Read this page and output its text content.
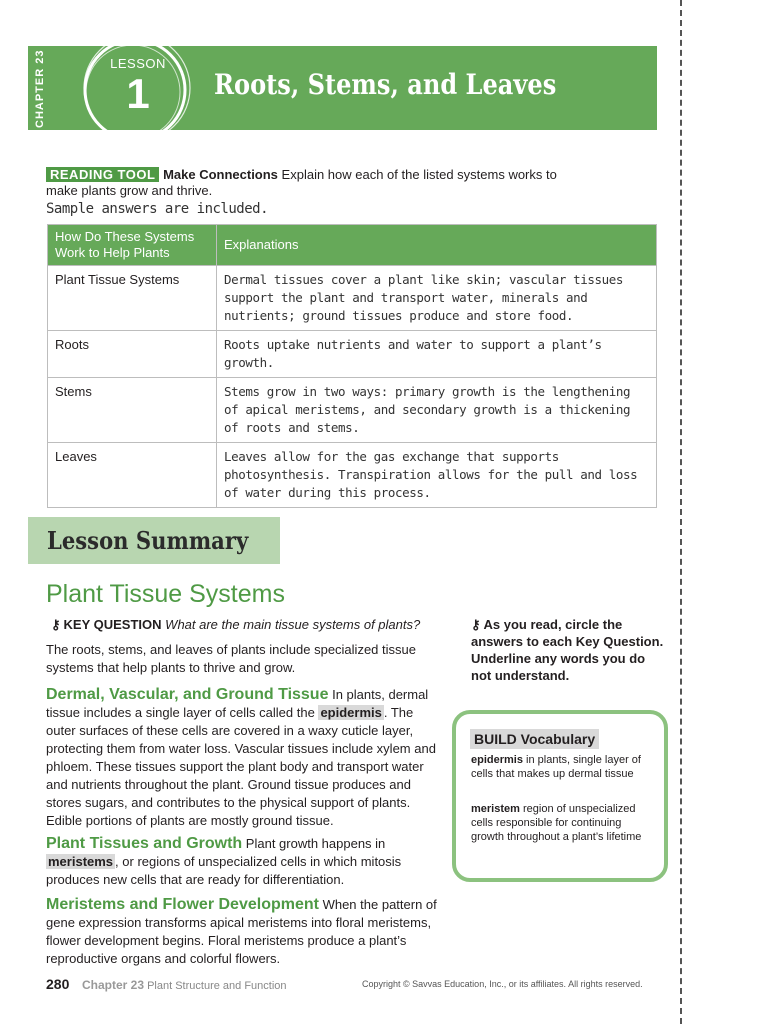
CHAPTER 23	LESSON
1	Roots, Stems, and Leaves
READING TOOL Make Connections Explain how each of the listed systems works to make plants grow and thrive.
Sample answers are included.
How Do These Systems Work to Help Plants	Explanations
Plant Tissue Systems	Dermal tissues cover a plant like skin; vascular tissues support the plant and transport water, minerals and nutrients; ground tissues produce and store food.
Roots	Roots uptake nutrients and water to support a plant’s growth.
Stems	Stems grow in two ways: primary growth is the lengthening of apical meristems, and secondary growth is a thickening of roots and stems.
Leaves	Leaves allow for the gas exchange that supports photosynthesis. Transpiration allows for the pull and loss of water during this process.
Lesson Summary
Plant Tissue Systems
⚷ KEY QUESTION What are the main tissue systems of plants?
The roots, stems, and leaves of plants include specialized tissue systems that help plants to thrive and grow.
Dermal, Vascular, and Ground Tissue In plants, dermal tissue includes a single layer of cells called the epidermis . The outer surfaces of these cells are covered in a waxy cuticle layer, protecting them from water loss. Vascular tissues include xylem and phloem. These tissues support the plant body and transport water and nutrients throughout the plant. Ground tissue produces and stores sugars, and contributes to the physical support of plants. Edible portions of plants are mostly ground tissue.
Plant Tissues and Growth Plant growth happens in meristems , or regions of unspecialized cells in which mitosis produces new cells that are ready for differentiation.
Meristems and Flower Development When the pattern of gene expression transforms apical meristems into floral meristems, flower development begins. Floral meristems produce a plant’s reproductive organs and colorful flowers.
⚷ As you read, circle the answers to each Key Question. Underline any words you do not understand.
BUILD Vocabulary
epidermis in plants, single layer of cells that makes up dermal tissue
meristem region of unspecialized cells responsible for continuing growth throughout a plant’s lifetime
280 Chapter 23 Plant Structure and Function	Copyright © Savvas Education, Inc., or its affiliates. All rights reserved.
